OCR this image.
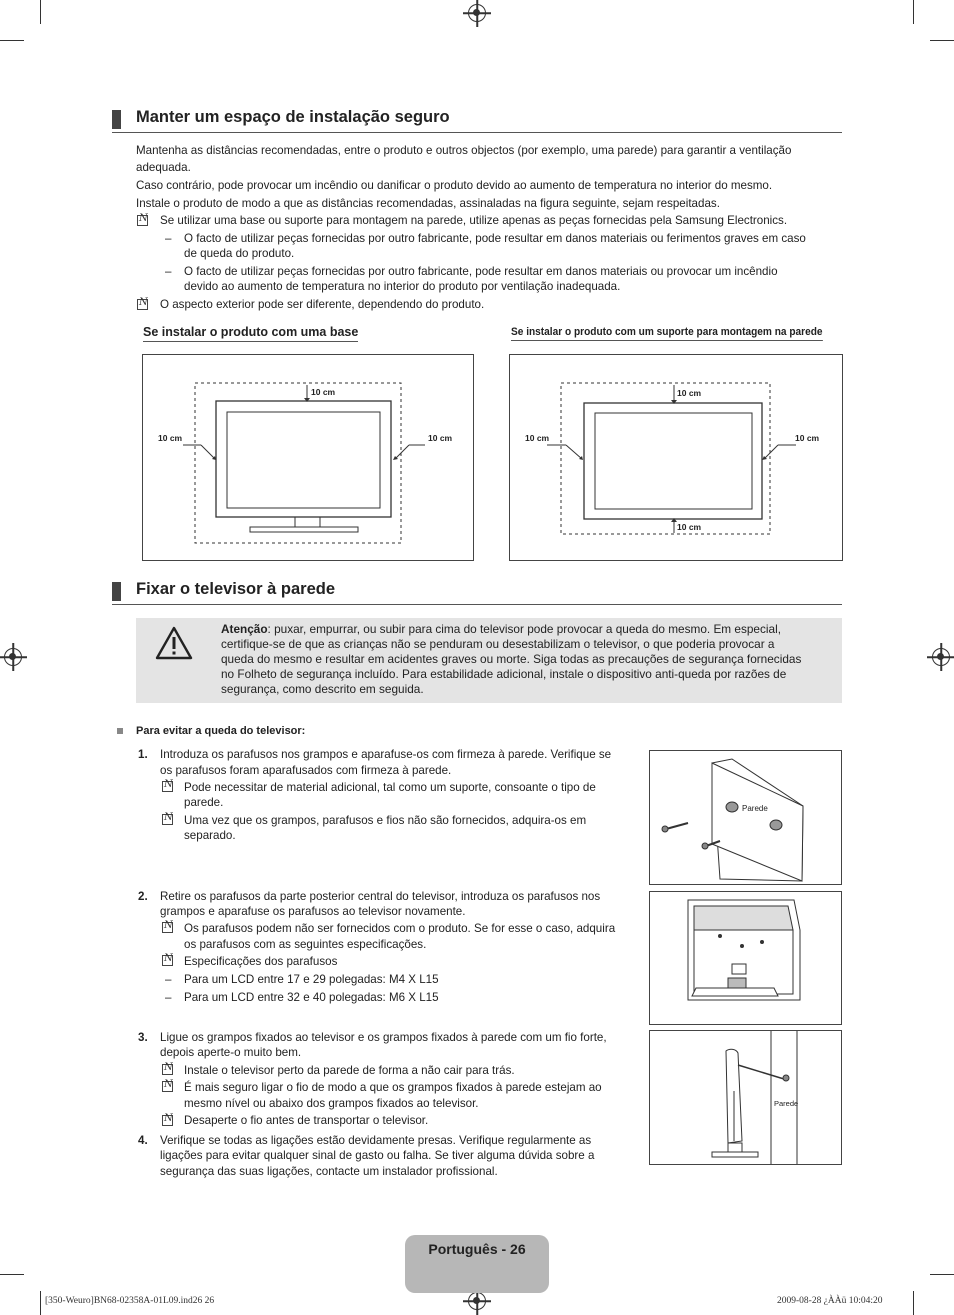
Manter um espaço de instalação seguro
Mantenha as distâncias recomendadas, entre o produto e outros objectos (por exemplo, uma parede) para garantir a ventilação
adequada.
Caso contrário, pode provocar um incêndio ou danificar o produto devido ao aumento de temperatura no interior do mesmo.
Instale o produto de modo a que as distâncias recomendadas, assinaladas na figura seguinte, sejam respeitadas.
N
Se utilizar uma base ou suporte para montagem na parede, utilize apenas as peças fornecidas pela Samsung Electronics.
– O facto de utilizar peças fornecidas por outro fabricante, pode resultar em danos materiais ou ferimentos graves em caso
de queda do produto.
– O facto de utilizar peças fornecidas por outro fabricante, pode resultar em danos materiais ou provocar um incêndio
devido ao aumento de temperatura no interior do produto por ventilação inadequada.
N
O aspecto exterior pode ser diferente, dependendo do produto.
Se instalar o produto com uma base	Se instalar o produto com um suporte para montagem na parede
10 cm
10 cm	10 cm
10 cm
10 cm
10 cm	10 cm
Fixar o televisor à parede
Atenção: puxar, empurrar, ou subir para cima do televisor pode provocar a queda do mesmo. Em especial,
certifique-se de que as crianças não se penduram ou desestabilizam o televisor, o que poderia provocar a
queda do mesmo e resultar em acidentes graves ou morte. Siga todas as precauções de segurança fornecidas
no Folheto de segurança incluído. Para estabilidade adicional, instale o dispositivo anti-queda por razões de
segurança, como descrito em seguida.
Para evitar a queda do televisor:
1. Introduza os parafusos nos grampos e aparafuse-os com firmeza à parede. Verifique se
os parafusos foram aparafusados com firmeza à parede.
N
Pode necessitar de material adicional, tal como um suporte, consoante o tipo de
parede.
N
Uma vez que os grampos, parafusos e fios não são fornecidos, adquira-os em
separado.
2. Retire os parafusos da parte posterior central do televisor, introduza os parafusos nos
grampos e aparafuse os parafusos ao televisor novamente.
N
Os parafusos podem não ser fornecidos com o produto. Se for esse o caso, adquira
os parafusos com as seguintes especificações.
N
Especificações dos parafusos
– Para um LCD entre 17 e 29 polegadas: M4 X L15
– Para um LCD entre 32 e 40 polegadas: M6 X L15
3. Ligue os grampos fixados ao televisor e os grampos fixados à parede com um fio forte,
depois aperte-o muito bem.
N
Instale o televisor perto da parede de forma a não cair para trás.
N
É mais seguro ligar o fio de modo a que os grampos fixados à parede estejam ao
mesmo nível ou abaixo dos grampos fixados ao televisor.
N
Desaperte o fio antes de transportar o televisor.
4. Verifique se todas as ligações estão devidamente presas. Verifique regularmente as
ligações para evitar qualquer sinal de gasto ou falha. Se tiver alguma dúvida sobre a
segurança das suas ligações, contacte um instalador profissional.
Parede
Parede
Português - 26
[350-Weuro]BN68-02358A-01L09.ind26 26	2009-08-28 ¿ÀÀü 10:04:20
